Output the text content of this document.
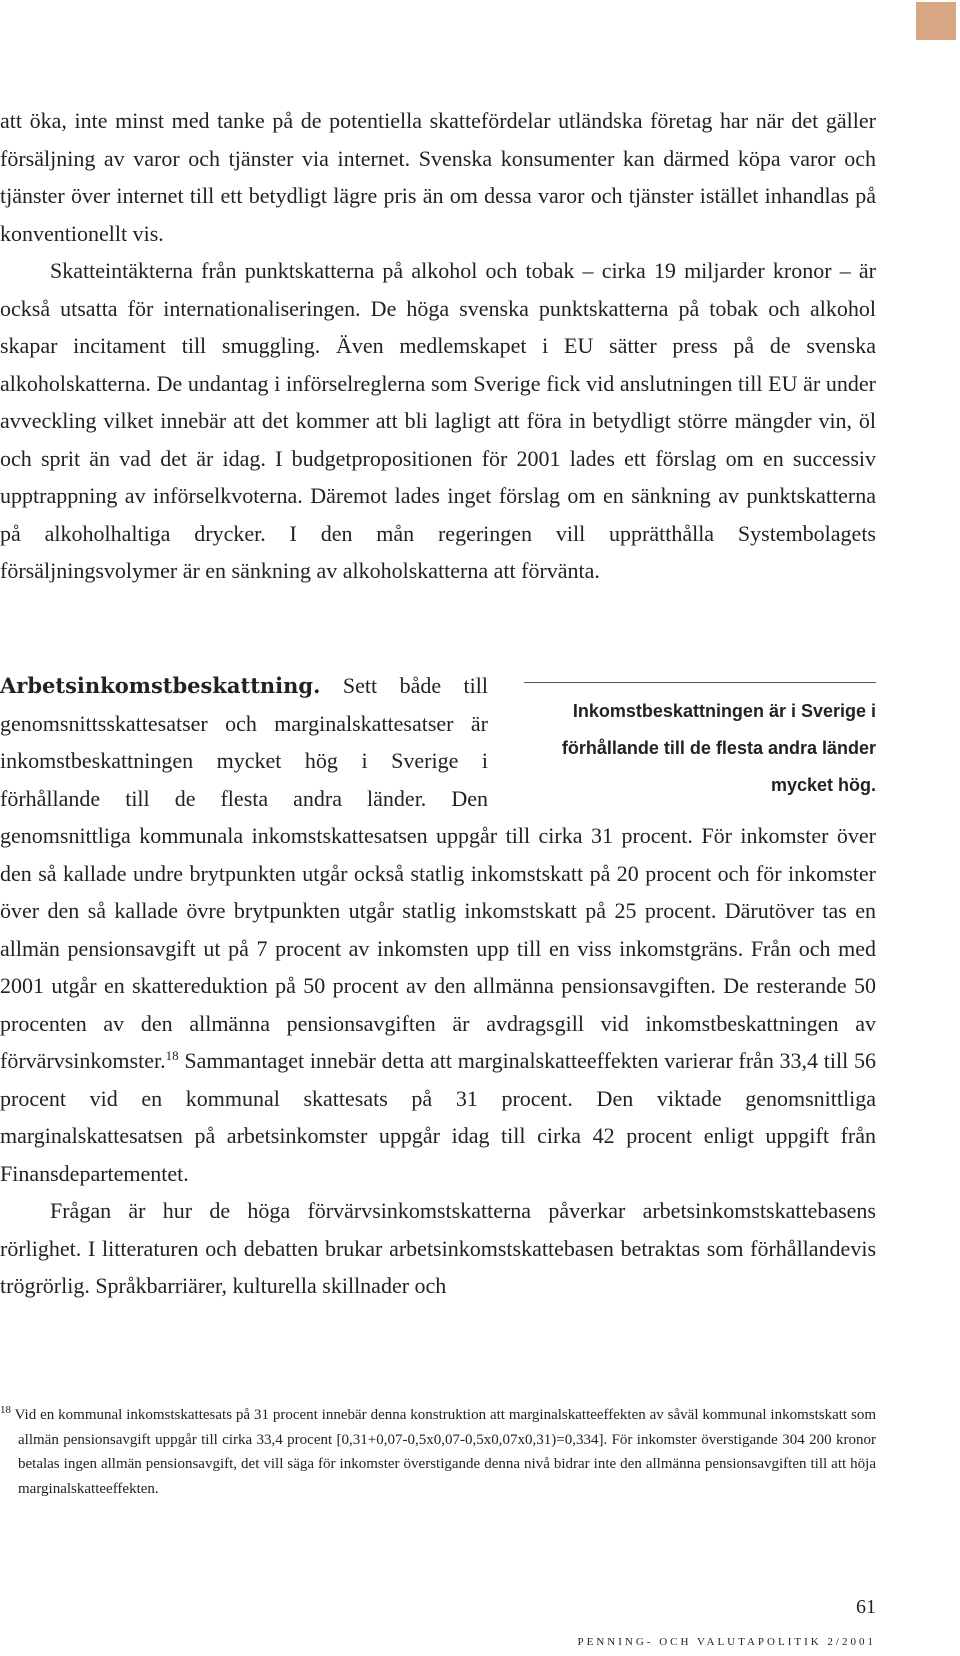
att öka, inte minst med tanke på de potentiella skattefördelar utländska företag har när det gäller försäljning av varor och tjänster via internet. Svenska konsumenter kan därmed köpa varor och tjänster över internet till ett betydligt lägre pris än om dessa varor och tjänster istället inhandlas på konventionellt vis.

Skatteintäkterna från punktskatterna på alkohol och tobak – cirka 19 miljarder kronor – är också utsatta för internationaliseringen. De höga svenska punktskatterna på tobak och alkohol skapar incitament till smuggling. Även medlemskapet i EU sätter press på de svenska alkoholskatterna. De undantag i införselreglerna som Sverige fick vid anslutningen till EU är under avveckling vilket innebär att det kommer att bli lagligt att föra in betydligt större mängder vin, öl och sprit än vad det är idag. I budgetpropositionen för 2001 lades ett förslag om en successiv upptrappning av införselkvoterna. Däremot lades inget förslag om en sänkning av punktskatterna på alkoholhaltiga drycker. I den mån regeringen vill upprätthålla Systembolagets försäljningsvolymer är en sänkning av alkoholskatterna att förvänta.

Inkomstbeskattningen är i Sverige i förhållande till de flesta andra länder mycket hög.

Arbetsinkomstbeskattning. Sett både till genomsnittsskattesatser och marginalskattesatser är inkomstbeskattningen mycket hög i Sverige i förhållande till de flesta andra länder. Den genomsnittliga kommunala inkomstskattesatsen uppgår till cirka 31 procent. För inkomster över den så kallade undre brytpunkten utgår också statlig inkomstskatt på 20 procent och för inkomster över den så kallade övre brytpunkten utgår statlig inkomstskatt på 25 procent. Därutöver tas en allmän pensionsavgift ut på 7 procent av inkomsten upp till en viss inkomstgräns. Från och med 2001 utgår en skattereduktion på 50 procent av den allmänna pensionsavgiften. De resterande 50 procenten av den allmänna pensionsavgiften är avdragsgill vid inkomstbeskattningen av förvärvsinkomster.$^{18}$ Sammantaget innebär detta att marginalskatteeffekten varierar från 33,4 till 56 procent vid en kommunal skattesats på 31 procent. Den viktade genomsnittliga marginalskattesatsen på arbetsinkomster uppgår idag till cirka 42 procent enligt uppgift från Finansdepartementet.

Frågan är hur de höga förvärvsinkomstskatterna påverkar arbetsinkomstskattebasens rörlighet. I litteraturen och debatten brukar arbetsinkomstskattebasen betraktas som förhållandevis trögrörlig. Språkbarriärer, kulturella skillnader och

$^{18}$ Vid en kommunal inkomstskattesats på 31 procent innebär denna konstruktion att marginalskatteeffekten av såväl kommunal inkomstskatt som allmän pensionsavgift uppgår till cirka 33,4 procent [0,31+0,07-0,5x0,07-0,5x0,07x0,31)=0,334]. För inkomster överstigande 304 200 kronor betalas ingen allmän pensionsavgift, det vill säga för inkomster överstigande denna nivå bidrar inte den allmänna pensionsavgiften till att höja marginalskatteeffekten.

61
PENNING- OCH VALUTAPOLITIK 2/2001
